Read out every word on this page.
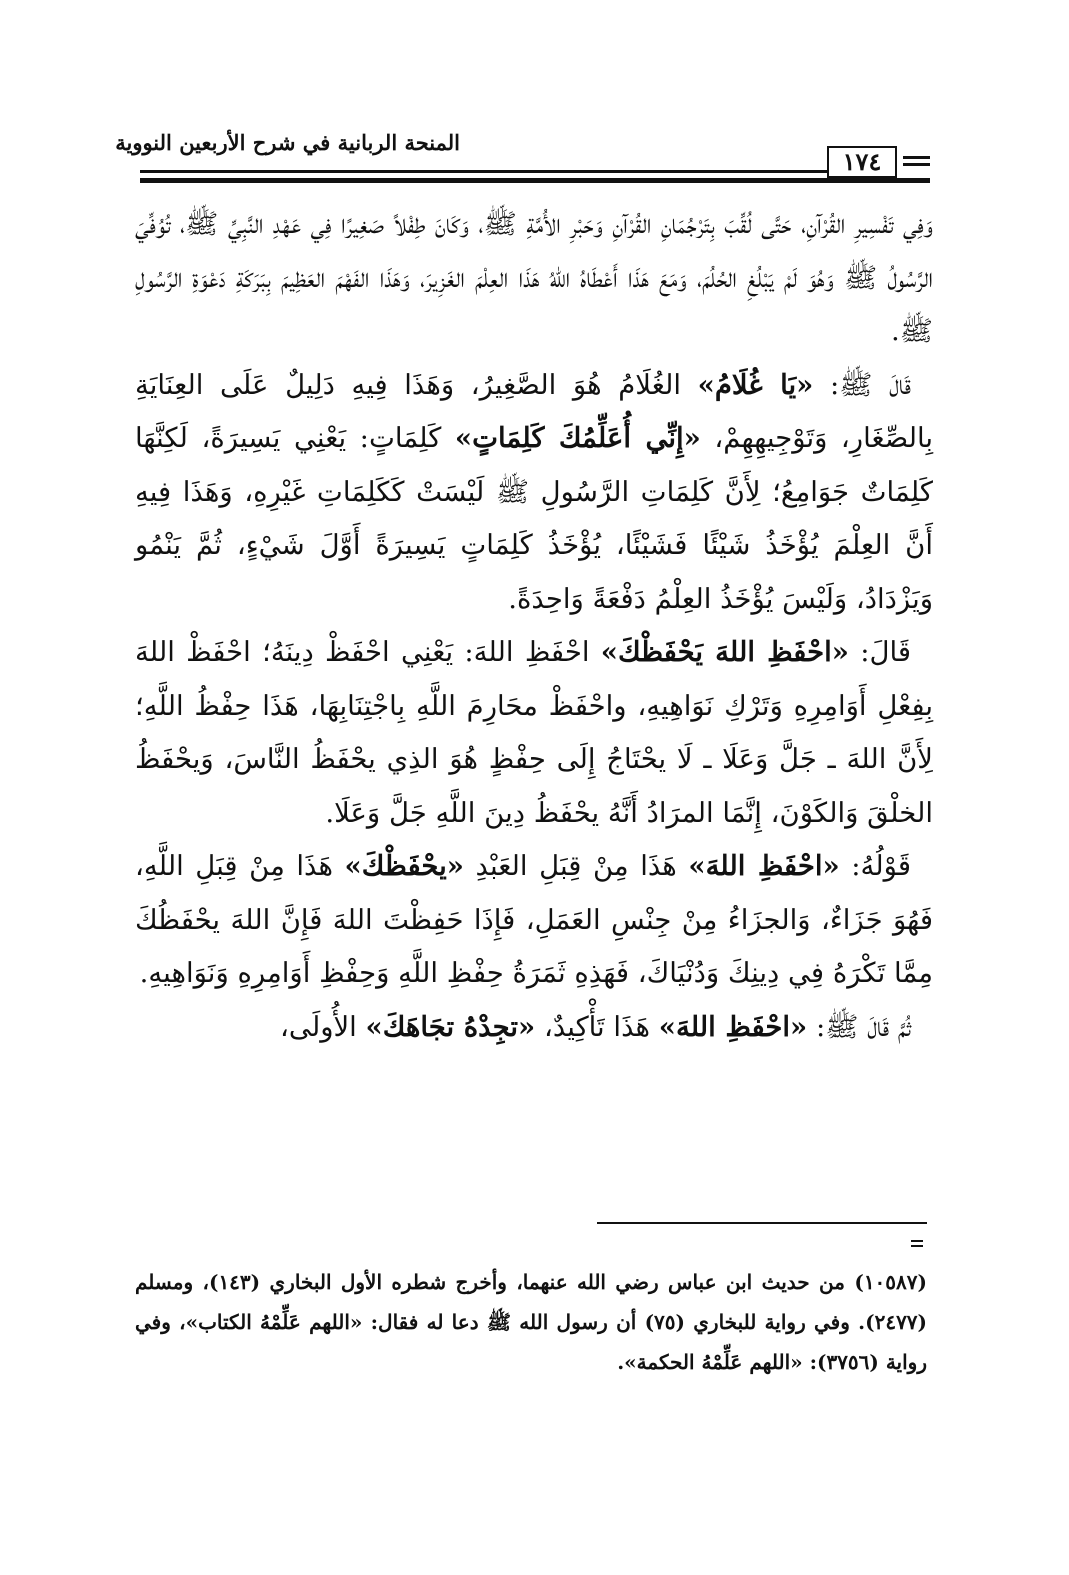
المنحة الربانية في شرح الأربعين النووية
١٧٤

وَفِي تَفْسِيرِ القُرْآنِ، حَتَّى لُقِّبَ بِتَرْجُمَانِ القُرْآنِ وَحَبْرِ الأُمَّةِ ﷺ، وَكَانَ طِفْلاً صَغِيرًا فِي عَهْدِ النَّبِيِّ ﷺ، تُوُفِّيَ الرَّسُولُ ﷺ وَهُوَ لَمْ يَبْلُغِ الحُلُمَ، وَمَعَ هَذَا أَعْطَاهُ اللهُ هَذَا العِلْمَ الغَزِيرَ، وَهَذَا الفَهْمَ العَظِيمَ بِبَرَكَةِ دَعْوَةِ الرَّسُولِ ﷺ.

قَالَ ﷺ: «يَا غُلَامُ» الغُلَامُ هُوَ الصَّغِيرُ، وَهَذَا فِيهِ دَلِيلٌ عَلَى العِنَايَةِ بِالصِّغَارِ، وَتَوْجِيهِهِمْ، «إِنِّي أُعَلِّمُكَ كَلِمَاتٍ» كَلِمَاتٍ: يَعْنِي يَسِيرَةً، لَكِنَّهَا كَلِمَاتٌ جَوَامِعُ؛ لِأَنَّ كَلِمَاتِ الرَّسُولِ ﷺ لَيْسَتْ كَكَلِمَاتِ غَيْرِهِ، وَهَذَا فِيهِ أَنَّ العِلْمَ يُؤْخَذُ شَيْئًا فَشَيْئًا، يُؤْخَذُ كَلِمَاتٍ يَسِيرَةً أَوَّلَ شَيْءٍ، ثُمَّ يَنْمُو وَيَزْدَادُ، وَلَيْسَ يُؤْخَذُ العِلْمُ دَفْعَةً وَاحِدَةً.

قَالَ: «احْفَظِ اللهَ يَحْفَظْكَ» احْفَظِ اللهَ: يَعْنِي احْفَظْ دِينَهُ؛ احْفَظْ اللهَ بِفِعْلِ أَوَامِرِهِ وَتَرْكِ نَوَاهِيهِ، واحْفَظْ محَارِمَ اللَّهِ بِاجْتِنَابِهَا، هَذَا حِفْظُ اللَّهِ؛ لِأَنَّ اللهَ ـ جَلَّ وَعَلَا ـ لَا يحْتَاجُ إِلَى حِفْظٍ هُوَ الذِي يحْفَظُ النَّاسَ، وَيحْفَظُ الخلْقَ وَالكَوْنَ، إِنَّمَا المرَادُ أَنَّهُ يحْفَظُ دِينَ اللَّهِ جَلَّ وَعَلَا.

قَوْلُهُ: «احْفَظِ اللهَ» هَذَا مِنْ قِبَلِ العَبْدِ «يحْفَظْكَ» هَذَا مِنْ قِبَلِ اللَّهِ، فَهُوَ جَزَاءٌ، وَالجزَاءُ مِنْ جِنْسِ العَمَلِ، فَإِذَا حَفِظْتَ اللهَ فَإِنَّ اللهَ يحْفَظُكَ مِمَّا تَكْرَهُ فِي دِينِكَ وَدُنْيَاكَ، فَهَذِهِ ثَمَرَةُ حِفْظِ اللَّهِ وَحِفْظِ أَوَامِرِهِ وَنَوَاهِيهِ.

ثُمَّ قَالَ ﷺ: «احْفَظِ اللهَ» هَذَا تَأْكِيدٌ، «تجِدْهُ تجَاهَكَ» الأُولَى،

(١٠٥٨٧) من حديث ابن عباس رضي الله عنهما، وأخرج شطره الأول البخاري (١٤٣)، ومسلم (٢٤٧٧). وفي رواية للبخاري (٧٥) أن رسول الله ﷺ دعا له فقال: «اللهم عَلِّمْهُ الكتاب»، وفي رواية (٣٧٥٦): «اللهم عَلِّمْهُ الحكمة».
